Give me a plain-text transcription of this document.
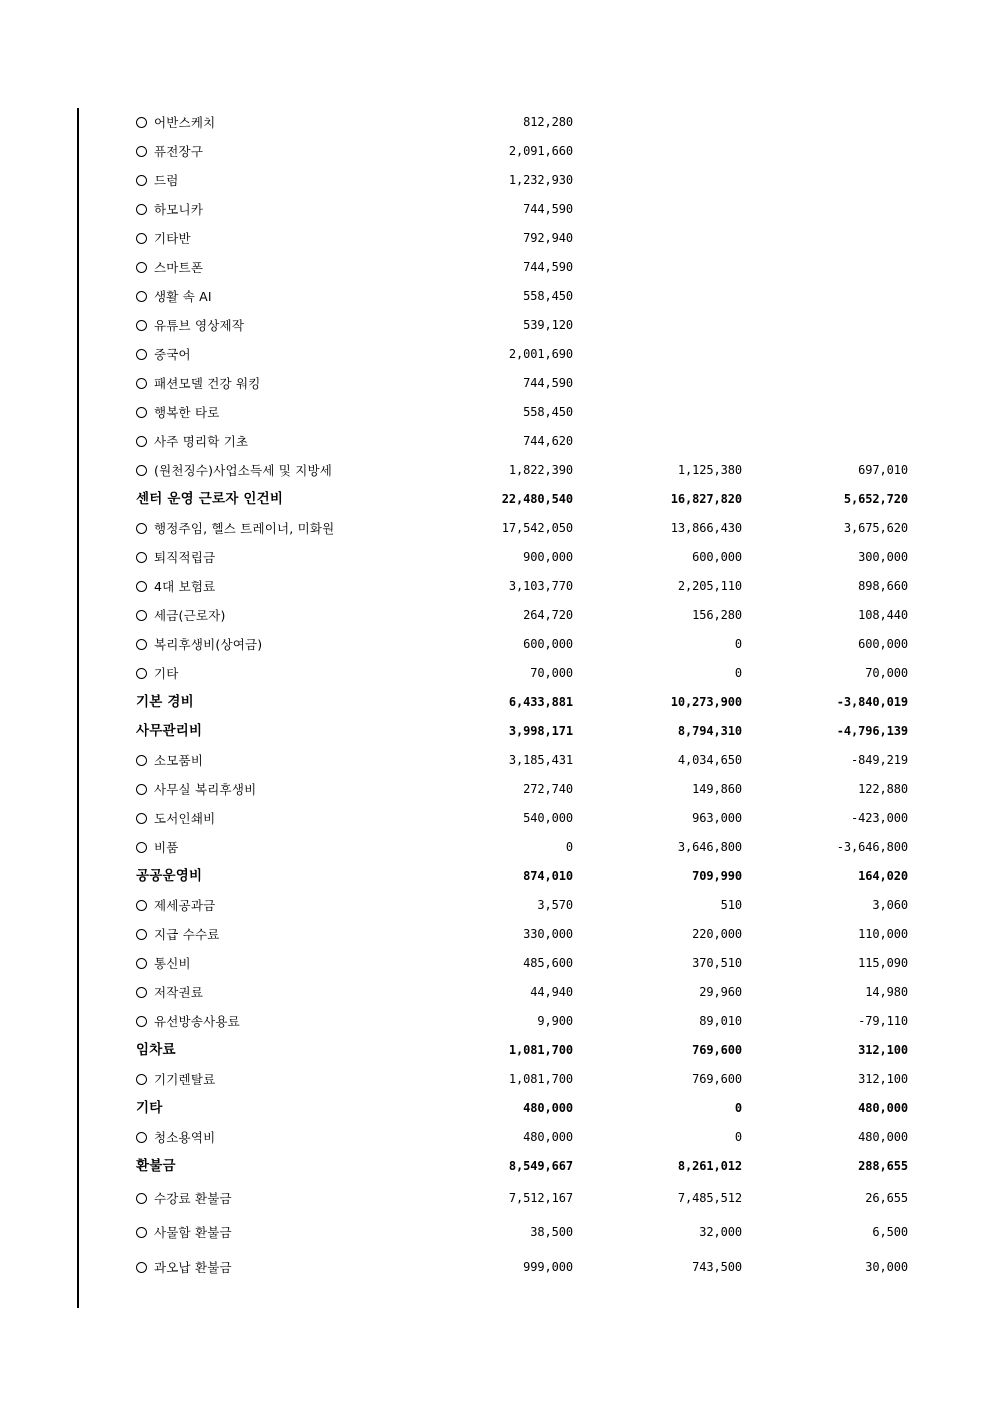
	어반스케치	812,280		
	퓨전장구	2,091,660		
	드럼	1,232,930		
	하모니카	744,590		
	기타반	792,940		
	스마트폰	744,590		
	생활 속 AI	558,450		
	유튜브 영상제작	539,120		
	중국어	2,001,690		
	패션모델 건강 워킹	744,590		
	행복한 타로	558,450		
	사주 명리학 기초	744,620		
	(원천징수)사업소득세 및 지방세	1,822,390	1,125,380	697,010
	센터 운영 근로자 인건비	22,480,540	16,827,820	5,652,720
	행정주임, 헬스 트레이너, 미화원	17,542,050	13,866,430	3,675,620
	퇴직적립금	900,000	600,000	300,000
	4대 보험료	3,103,770	2,205,110	898,660
	세금(근로자)	264,720	156,280	108,440
	복리후생비(상여금)	600,000	0	600,000
	기타	70,000	0	70,000
	기본 경비	6,433,881	10,273,900	-3,840,019
	사무관리비	3,998,171	8,794,310	-4,796,139
	소모품비	3,185,431	4,034,650	-849,219
	사무실 복리후생비	272,740	149,860	122,880
	도서인쇄비	540,000	963,000	-423,000
	비품	0	3,646,800	-3,646,800
	공공운영비	874,010	709,990	164,020
	제세공과금	3,570	510	3,060
	지급 수수료	330,000	220,000	110,000
	통신비	485,600	370,510	115,090
	저작권료	44,940	29,960	14,980
	유선방송사용료	9,900	89,010	-79,110
	임차료	1,081,700	769,600	312,100
	기기렌탈료	1,081,700	769,600	312,100
	기타	480,000	0	480,000
	청소용역비	480,000	0	480,000
	환불금	8,549,667	8,261,012	288,655
	수강료 환불금	7,512,167	7,485,512	26,655
	사물함 환불금	38,500	32,000	6,500
	과오납 환불금	999,000	743,500	30,000
